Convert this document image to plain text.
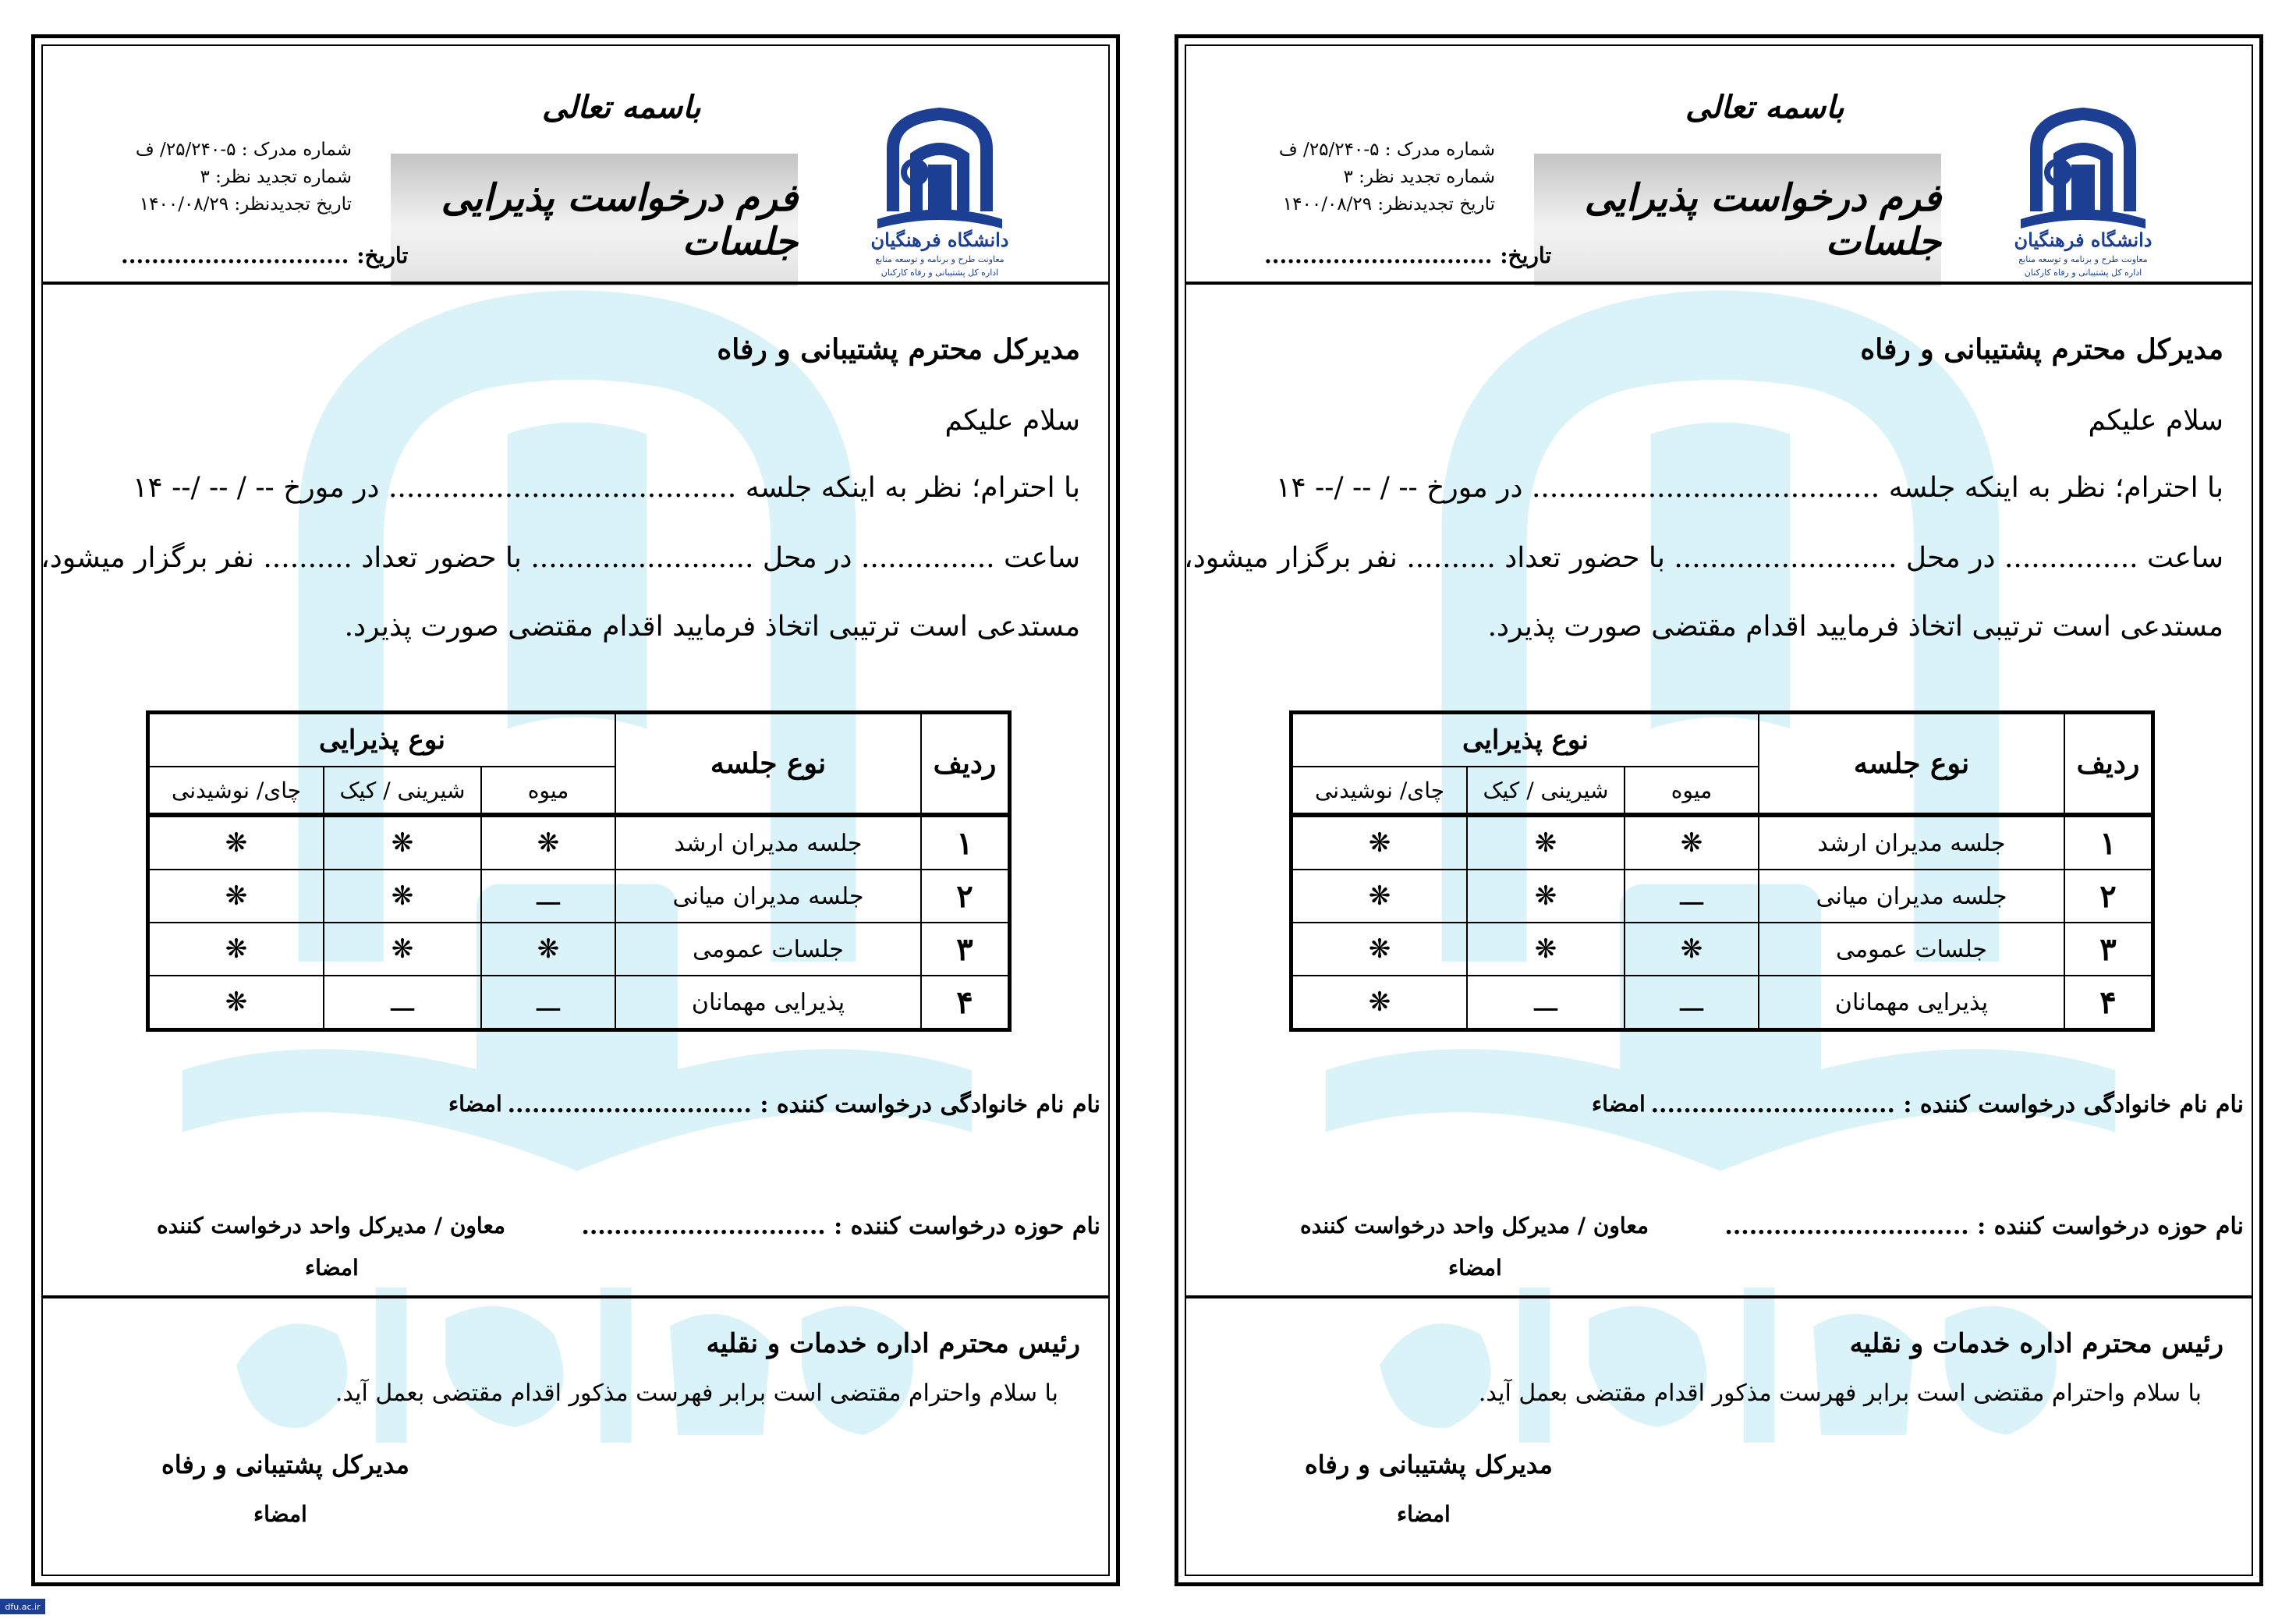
باسمه تعالی
فرم درخواست پذیرایی جلسات
شماره مدرک : ۵-۲۵/۲۴۰/ ف
شماره تجدید نظر: ۳
تاریخ تجدیدنظر: ۱۴۰۰/۰۸/۲۹
تاریخ: ..............................
دانشگاه فرهنگیان
معاونت طرح و برنامه و توسعه منابع
اداره کل پشتیبانی و رفاه کارکنان
مدیرکل محترم پشتیبانی و رفاه
سلام علیکم
با احترام؛ نظر به اینکه جلسه ....................................... در مورخ -- / -- /-- ۱۴
ساعت ............... در محل ......................... با حضور تعداد .......... نفر برگزار میشود،
مستدعی است ترتیبی اتخاذ فرمایید اقدام مقتضی صورت پذیرد.
ردیف	نوع جلسه	نوع پذیرایی		
		میوه	شیرینی / کیک	چای/ نوشیدنی
۱	جلسه مدیران ارشد	❋	❋	❋
۲	جلسه مدیران میانی	ـــ	❋	❋
۳	جلسات عمومی	❋	❋	❋
۴	پذیرایی مهمانان	ـــ	ـــ	❋
نام نام خانوادگی درخواست کننده : ..............................
امضاء
نام حوزه درخواست کننده : ..............................
معاون / مدیرکل واحد درخواست کننده
امضاء
رئیس محترم اداره خدمات و نقلیه
با سلام واحترام مقتضی است برابر فهرست مذکور اقدام مقتضی بعمل آید.
مدیرکل پشتیبانی و رفاه
امضاء
باسمه تعالی
فرم درخواست پذیرایی جلسات
شماره مدرک : ۵-۲۵/۲۴۰/ ف
شماره تجدید نظر: ۳
تاریخ تجدیدنظر: ۱۴۰۰/۰۸/۲۹
تاریخ: ..............................
دانشگاه فرهنگیان
معاونت طرح و برنامه و توسعه منابع
اداره کل پشتیبانی و رفاه کارکنان
مدیرکل محترم پشتیبانی و رفاه
سلام علیکم
با احترام؛ نظر به اینکه جلسه ....................................... در مورخ -- / -- /-- ۱۴
ساعت ............... در محل ......................... با حضور تعداد .......... نفر برگزار میشود،
مستدعی است ترتیبی اتخاذ فرمایید اقدام مقتضی صورت پذیرد.
ردیف	نوع جلسه	نوع پذیرایی		
		میوه	شیرینی / کیک	چای/ نوشیدنی
۱	جلسه مدیران ارشد	❋	❋	❋
۲	جلسه مدیران میانی	ـــ	❋	❋
۳	جلسات عمومی	❋	❋	❋
۴	پذیرایی مهمانان	ـــ	ـــ	❋
نام نام خانوادگی درخواست کننده : ..............................
امضاء
نام حوزه درخواست کننده : ..............................
معاون / مدیرکل واحد درخواست کننده
امضاء
رئیس محترم اداره خدمات و نقلیه
با سلام واحترام مقتضی است برابر فهرست مذکور اقدام مقتضی بعمل آید.
مدیرکل پشتیبانی و رفاه
امضاء
dfu.ac.ir
